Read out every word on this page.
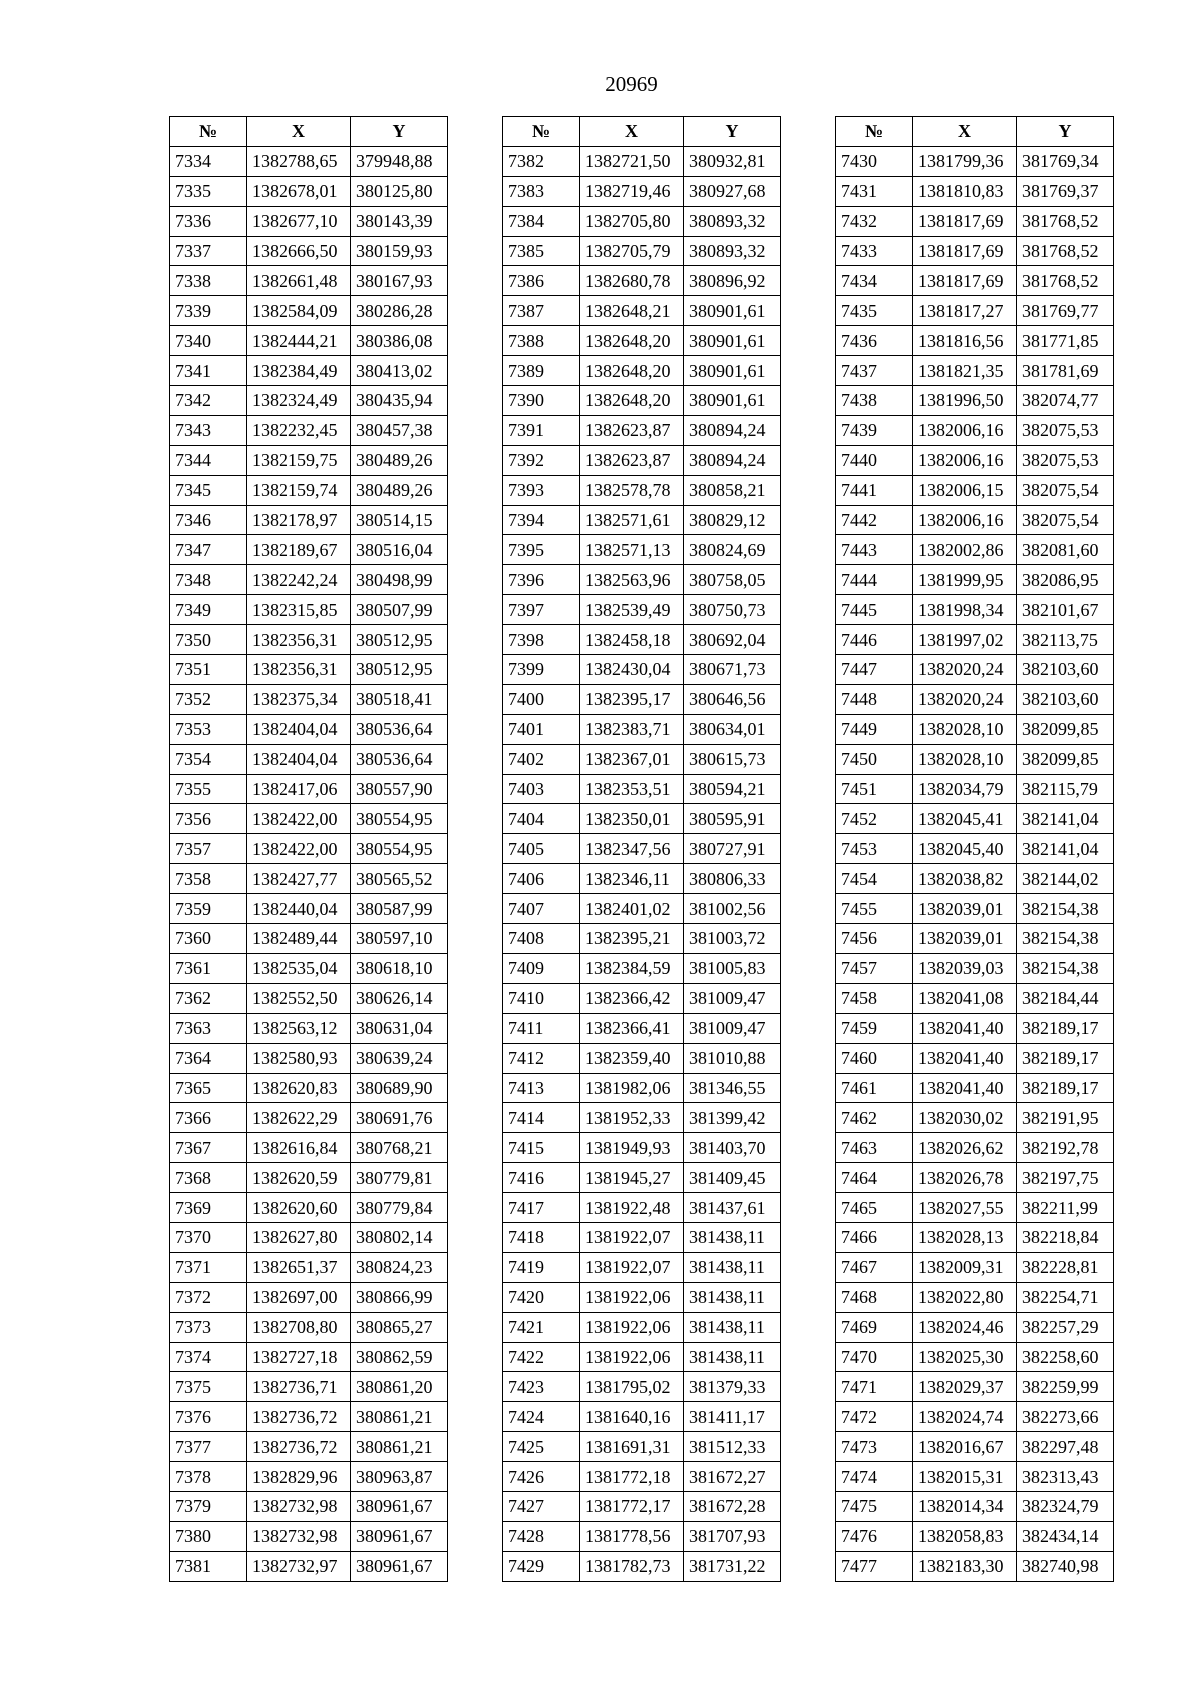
20969
№	X	Y
7334	1382788,65	379948,88
7335	1382678,01	380125,80
7336	1382677,10	380143,39
7337	1382666,50	380159,93
7338	1382661,48	380167,93
7339	1382584,09	380286,28
7340	1382444,21	380386,08
7341	1382384,49	380413,02
7342	1382324,49	380435,94
7343	1382232,45	380457,38
7344	1382159,75	380489,26
7345	1382159,74	380489,26
7346	1382178,97	380514,15
7347	1382189,67	380516,04
7348	1382242,24	380498,99
7349	1382315,85	380507,99
7350	1382356,31	380512,95
7351	1382356,31	380512,95
7352	1382375,34	380518,41
7353	1382404,04	380536,64
7354	1382404,04	380536,64
7355	1382417,06	380557,90
7356	1382422,00	380554,95
7357	1382422,00	380554,95
7358	1382427,77	380565,52
7359	1382440,04	380587,99
7360	1382489,44	380597,10
7361	1382535,04	380618,10
7362	1382552,50	380626,14
7363	1382563,12	380631,04
7364	1382580,93	380639,24
7365	1382620,83	380689,90
7366	1382622,29	380691,76
7367	1382616,84	380768,21
7368	1382620,59	380779,81
7369	1382620,60	380779,84
7370	1382627,80	380802,14
7371	1382651,37	380824,23
7372	1382697,00	380866,99
7373	1382708,80	380865,27
7374	1382727,18	380862,59
7375	1382736,71	380861,20
7376	1382736,72	380861,21
7377	1382736,72	380861,21
7378	1382829,96	380963,87
7379	1382732,98	380961,67
7380	1382732,98	380961,67
7381	1382732,97	380961,67
№	X	Y
7382	1382721,50	380932,81
7383	1382719,46	380927,68
7384	1382705,80	380893,32
7385	1382705,79	380893,32
7386	1382680,78	380896,92
7387	1382648,21	380901,61
7388	1382648,20	380901,61
7389	1382648,20	380901,61
7390	1382648,20	380901,61
7391	1382623,87	380894,24
7392	1382623,87	380894,24
7393	1382578,78	380858,21
7394	1382571,61	380829,12
7395	1382571,13	380824,69
7396	1382563,96	380758,05
7397	1382539,49	380750,73
7398	1382458,18	380692,04
7399	1382430,04	380671,73
7400	1382395,17	380646,56
7401	1382383,71	380634,01
7402	1382367,01	380615,73
7403	1382353,51	380594,21
7404	1382350,01	380595,91
7405	1382347,56	380727,91
7406	1382346,11	380806,33
7407	1382401,02	381002,56
7408	1382395,21	381003,72
7409	1382384,59	381005,83
7410	1382366,42	381009,47
7411	1382366,41	381009,47
7412	1382359,40	381010,88
7413	1381982,06	381346,55
7414	1381952,33	381399,42
7415	1381949,93	381403,70
7416	1381945,27	381409,45
7417	1381922,48	381437,61
7418	1381922,07	381438,11
7419	1381922,07	381438,11
7420	1381922,06	381438,11
7421	1381922,06	381438,11
7422	1381922,06	381438,11
7423	1381795,02	381379,33
7424	1381640,16	381411,17
7425	1381691,31	381512,33
7426	1381772,18	381672,27
7427	1381772,17	381672,28
7428	1381778,56	381707,93
7429	1381782,73	381731,22
№	X	Y
7430	1381799,36	381769,34
7431	1381810,83	381769,37
7432	1381817,69	381768,52
7433	1381817,69	381768,52
7434	1381817,69	381768,52
7435	1381817,27	381769,77
7436	1381816,56	381771,85
7437	1381821,35	381781,69
7438	1381996,50	382074,77
7439	1382006,16	382075,53
7440	1382006,16	382075,53
7441	1382006,15	382075,54
7442	1382006,16	382075,54
7443	1382002,86	382081,60
7444	1381999,95	382086,95
7445	1381998,34	382101,67
7446	1381997,02	382113,75
7447	1382020,24	382103,60
7448	1382020,24	382103,60
7449	1382028,10	382099,85
7450	1382028,10	382099,85
7451	1382034,79	382115,79
7452	1382045,41	382141,04
7453	1382045,40	382141,04
7454	1382038,82	382144,02
7455	1382039,01	382154,38
7456	1382039,01	382154,38
7457	1382039,03	382154,38
7458	1382041,08	382184,44
7459	1382041,40	382189,17
7460	1382041,40	382189,17
7461	1382041,40	382189,17
7462	1382030,02	382191,95
7463	1382026,62	382192,78
7464	1382026,78	382197,75
7465	1382027,55	382211,99
7466	1382028,13	382218,84
7467	1382009,31	382228,81
7468	1382022,80	382254,71
7469	1382024,46	382257,29
7470	1382025,30	382258,60
7471	1382029,37	382259,99
7472	1382024,74	382273,66
7473	1382016,67	382297,48
7474	1382015,31	382313,43
7475	1382014,34	382324,79
7476	1382058,83	382434,14
7477	1382183,30	382740,98
